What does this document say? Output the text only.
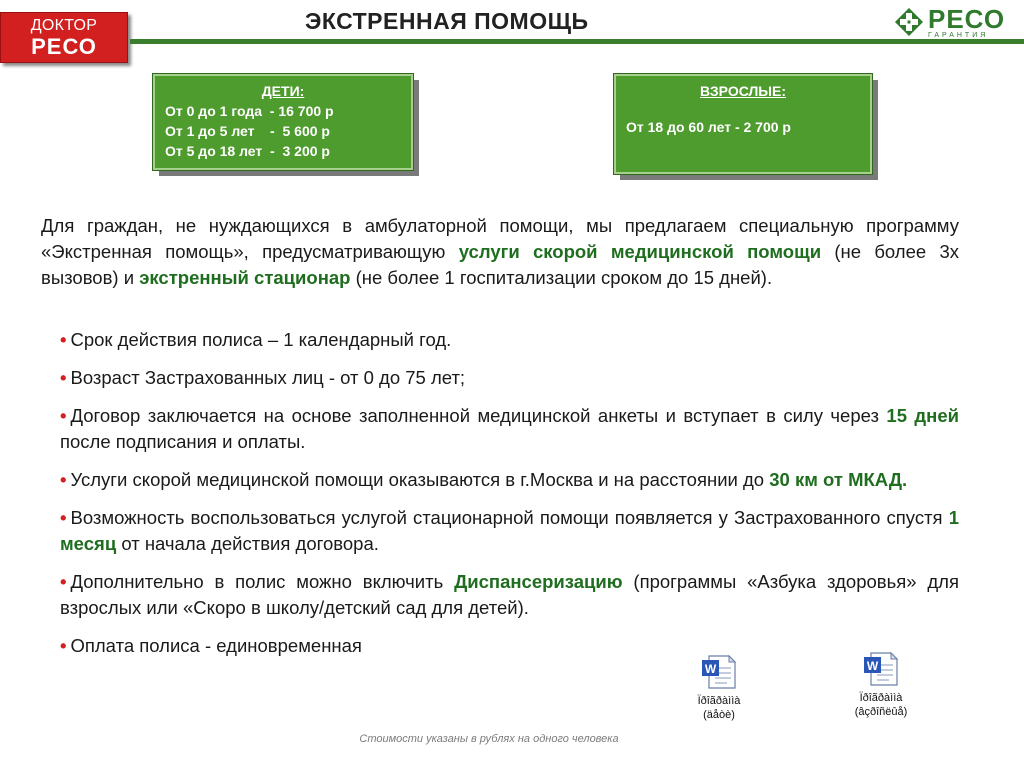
ДОКТОР
РЕСО
ЭКСТРЕННАЯ ПОМОЩЬ	РЕСО
ГАРАНТИЯ
ДЕТИ:
От 0 до 1 года  - 16 700 р
От 1 до 5 лет    -  5 600 р
От 5 до 18 лет  -  3 200 р
ВЗРОСЛЫЕ:
От 18 до 60 лет - 2 700 р
Для граждан, не нуждающихся в амбулаторной помощи, мы предлагаем специальную программу «Экстренная помощь», предусматривающую услуги скорой медицинской помощи (не более 3х вызовов) и экстренный стационар (не более 1 госпитализации сроком до 15 дней).
• Срок действия полиса – 1 календарный год.
• Возраст Застрахованных лиц - от 0 до 75 лет;
• Договор заключается на основе заполненной медицинской анкеты и вступает в силу через 15 дней после подписания и оплаты.
• Услуги скорой медицинской помощи оказываются в г.Москва и на расстоянии до 30 км от МКАД.
• Возможность воспользоваться услугой стационарной помощи появляется у Застрахованного спустя 1 месяц от начала действия договора.
• Дополнительно в полис можно включить Диспансеризацию (программы «Азбука здоровья» для взрослых или «Скоро в школу/детский сад для детей).
• Оплата полиса - единовременная
W
Ïðîãðàììà
(äåòè)
W
Ïðîãðàììà
(âçðîñëûå)
Стоимости указаны в рублях на одного человека
